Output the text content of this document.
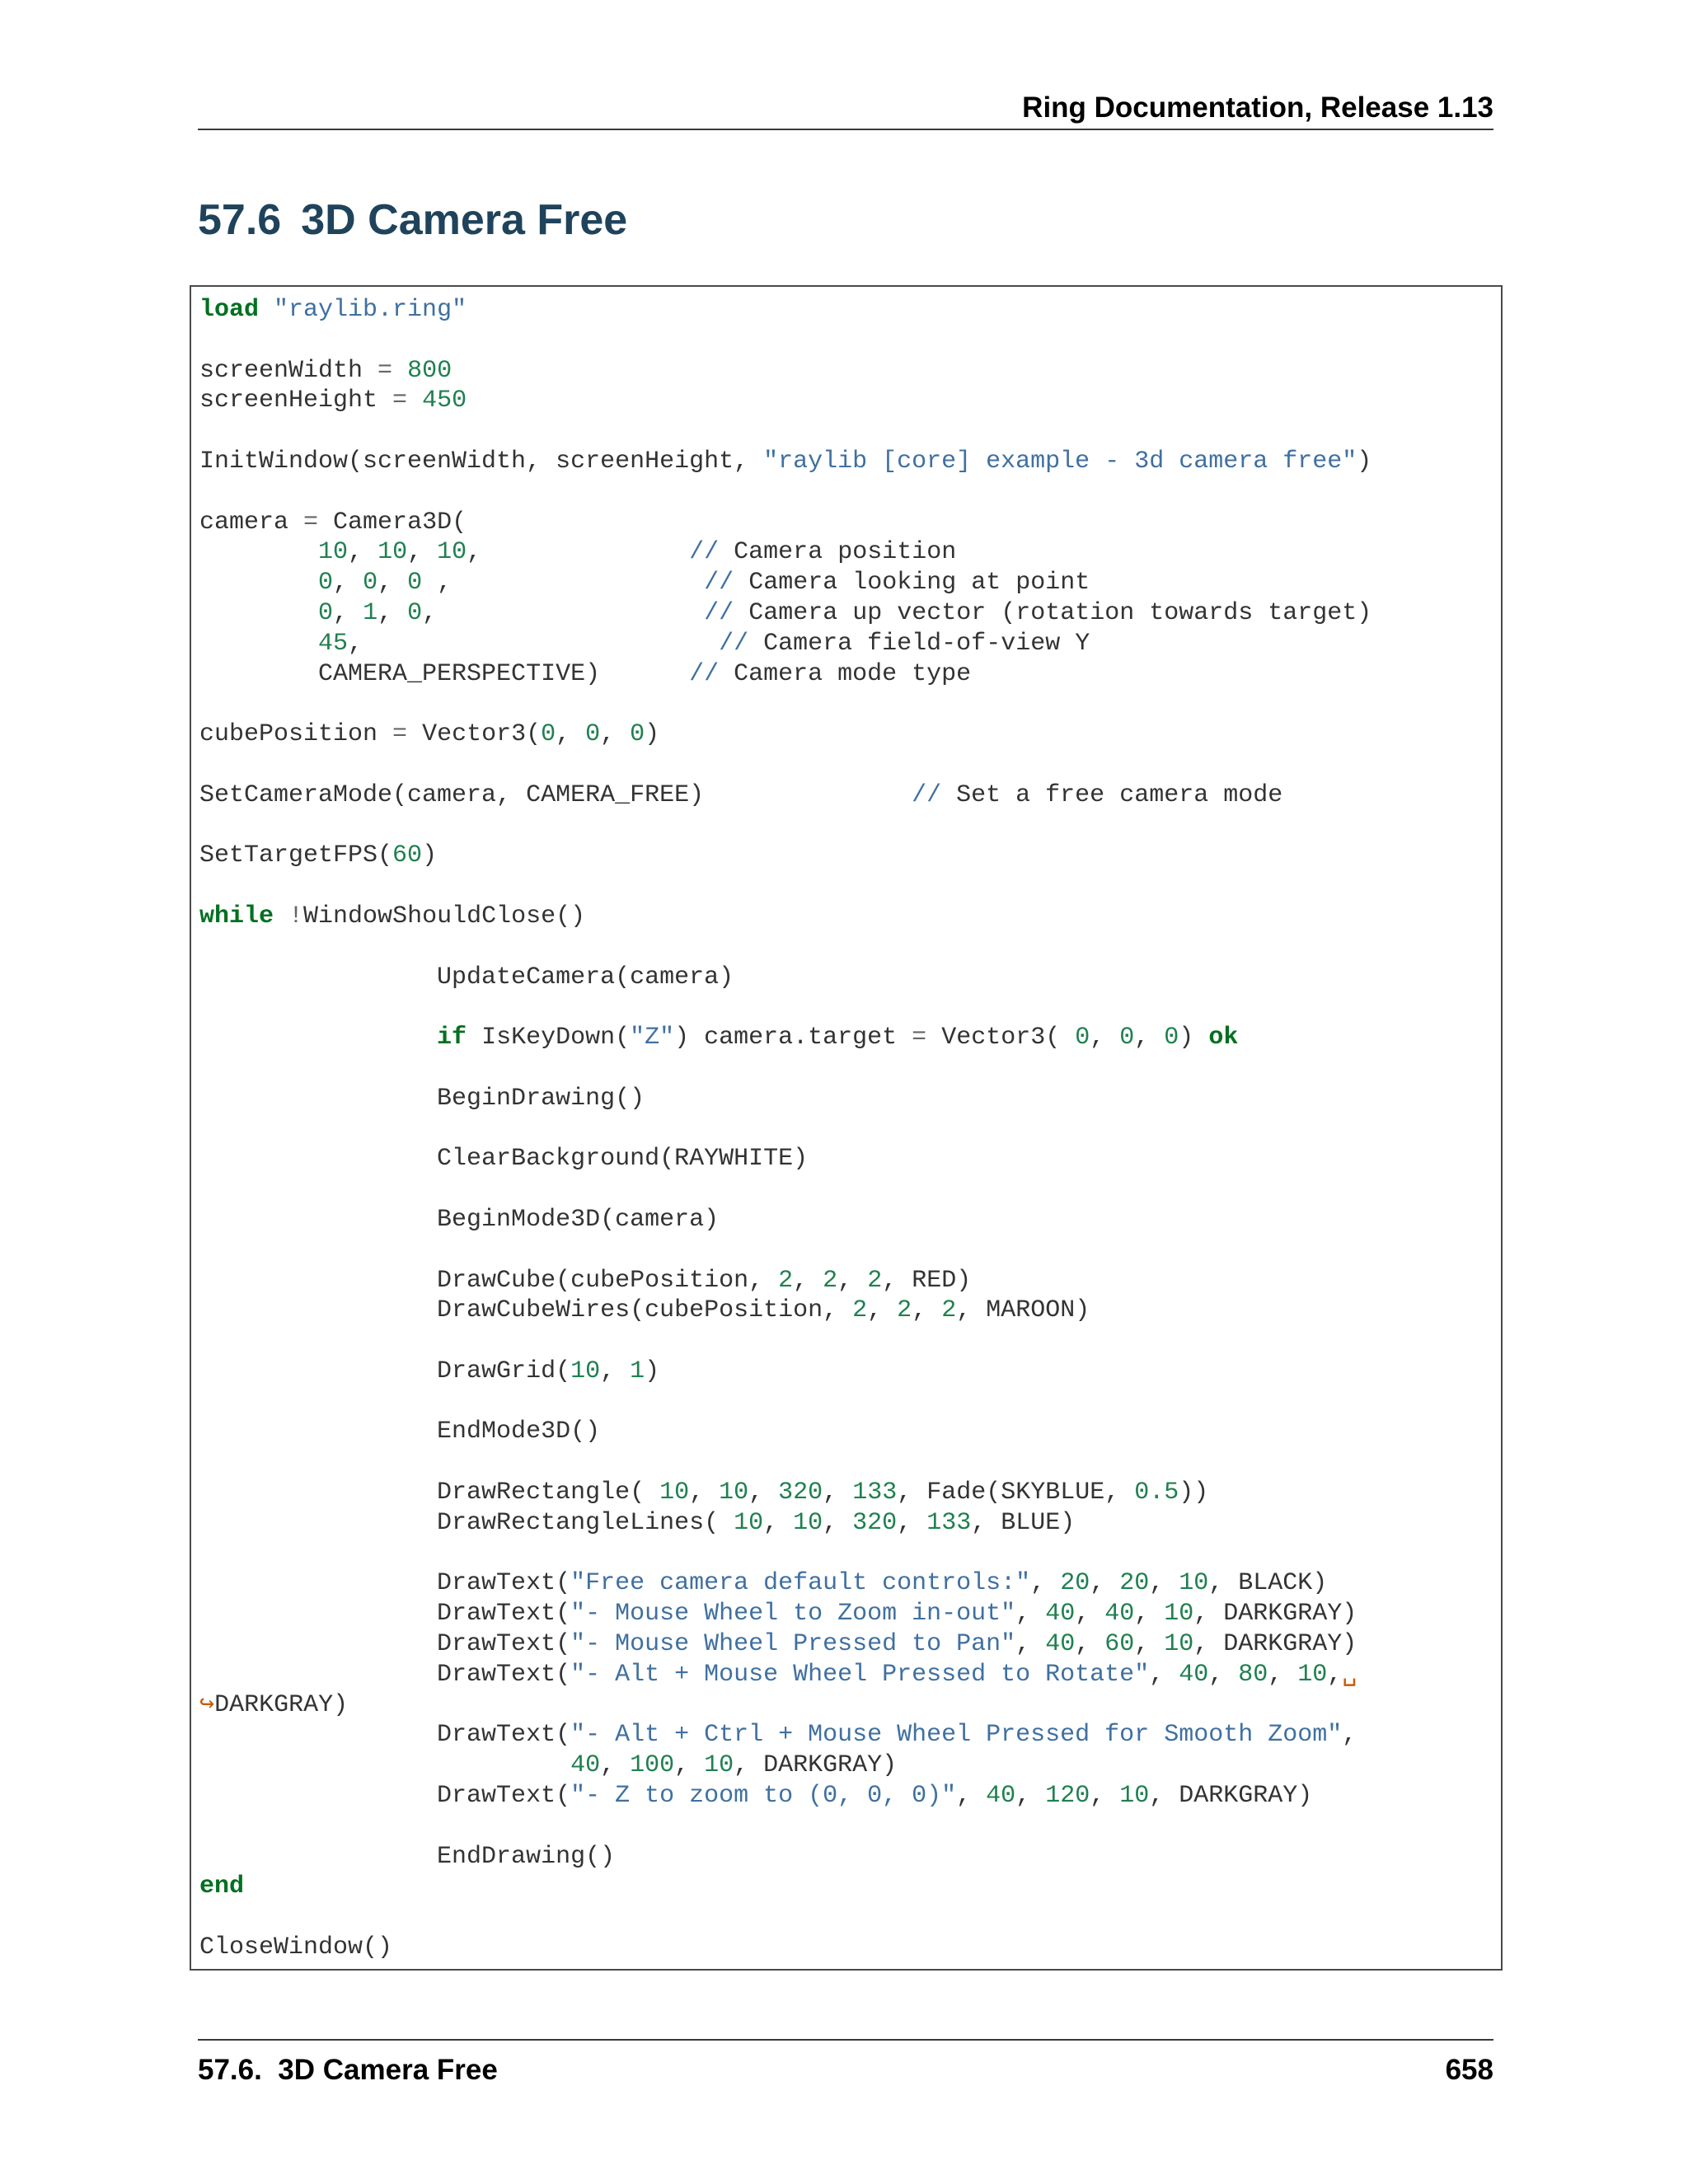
Ring Documentation, Release 1.13
57.6 3D Camera Free
load "raylib.ring"

screenWidth = 800
screenHeight = 450

InitWindow(screenWidth, screenHeight, "raylib [core] example - 3d camera free")

camera = Camera3D(
10, 10, 10,              // Camera position
0, 0, 0 ,                 // Camera looking at point
0, 1, 0,                  // Camera up vector (rotation towards target)
45,                        // Camera field-of-view Y
CAMERA_PERSPECTIVE)      // Camera mode type

cubePosition = Vector3(0, 0, 0)

SetCameraMode(camera, CAMERA_FREE)              // Set a free camera mode

SetTargetFPS(60)

while !WindowShouldClose()

UpdateCamera(camera)

if IsKeyDown("Z") camera.target = Vector3( 0, 0, 0) ok

BeginDrawing()

ClearBackground(RAYWHITE)

BeginMode3D(camera)

DrawCube(cubePosition, 2, 2, 2, RED)
DrawCubeWires(cubePosition, 2, 2, 2, MAROON)

DrawGrid(10, 1)

EndMode3D()

DrawRectangle( 10, 10, 320, 133, Fade(SKYBLUE, 0.5))
DrawRectangleLines( 10, 10, 320, 133, BLUE)

DrawText("Free camera default controls:", 20, 20, 10, BLACK)
DrawText("- Mouse Wheel to Zoom in-out", 40, 40, 10, DARKGRAY)
DrawText("- Mouse Wheel Pressed to Pan", 40, 60, 10, DARKGRAY)
DrawText("- Alt + Mouse Wheel Pressed to Rotate", 40, 80, 10,␣
↪DARKGRAY)
DrawText("- Alt + Ctrl + Mouse Wheel Pressed for Smooth Zoom",
40, 100, 10, DARKGRAY)
DrawText("- Z to zoom to (0, 0, 0)", 40, 120, 10, DARKGRAY)

EndDrawing()
end

CloseWindow()
57.6.  3D Camera Free	658
